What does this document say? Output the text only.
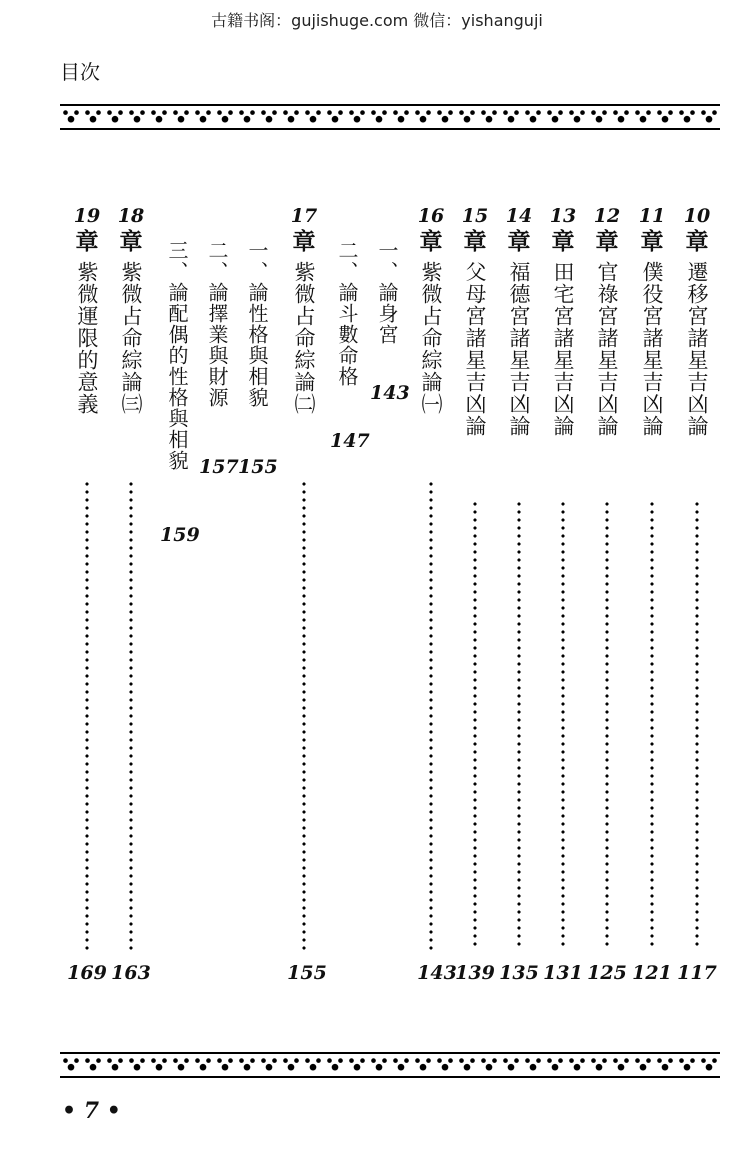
古籍书阁：gujishuge.com 微信：yishanguji
目次
10
章
遷移宮諸星吉凶論
117
11
章
僕役宮諸星吉凶論
121
12
章
官祿宮諸星吉凶論
125
13
章
田宅宮諸星吉凶論
131
14
章
福德宮諸星吉凶論
135
15
章
父母宮諸星吉凶論
139
16
章
紫微占命綜論㈠
143
一、論身宮
143
二、論斗數命格
147
17
章
紫微占命綜論㈡
155
一、論性格與相貌
155
二、論擇業與財源
157
三、論配偶的性格與相貌
159
18
章
紫微占命綜論㈢
163
19
章
紫微運限的意義
169
• 7 •
